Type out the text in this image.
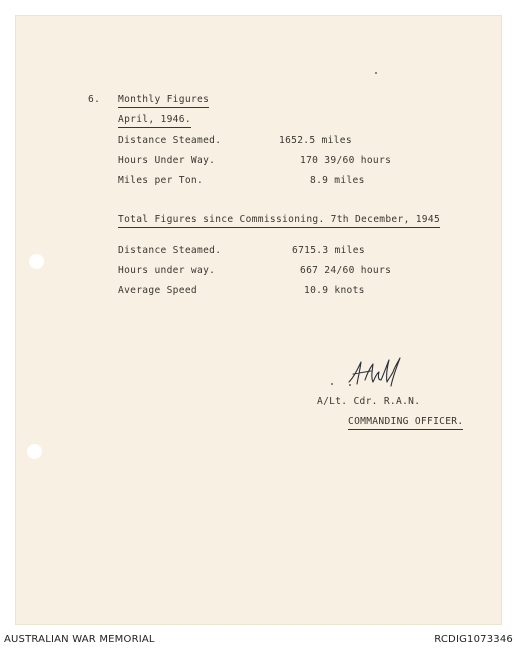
6. Monthly Figures
April, 1946.
Distance Steamed.	1652.5 miles
Hours Under Way.	170 39/60 hours
Miles per Ton.	8.9 miles
Total Figures since Commissioning. 7th December, 1945
Distance Steamed.	6715.3 miles
Hours under way.	667 24/60 hours
Average Speed	10.9 knots
A/Lt. Cdr. R.A.N.
COMMANDING OFFICER.
AUSTRALIAN WAR MEMORIAL	RCDIG1073346
